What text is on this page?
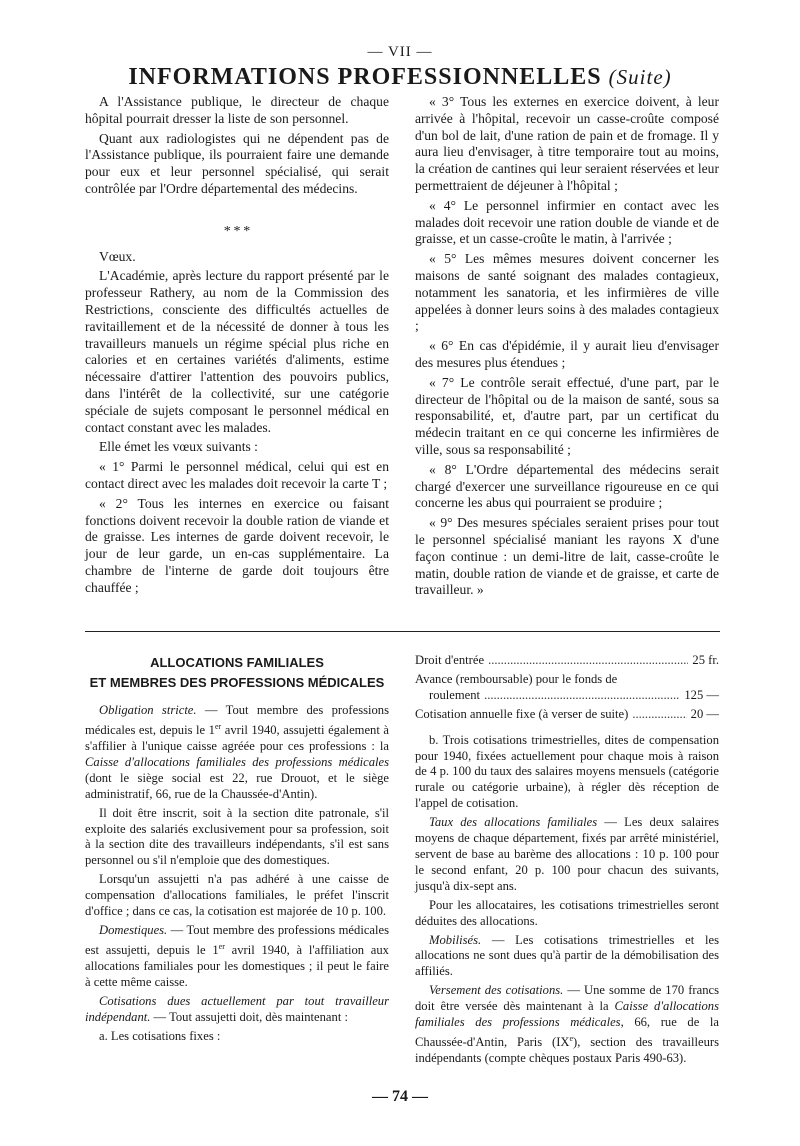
— VII —
INFORMATIONS PROFESSIONNELLES (Suite)

A l'Assistance publique, le directeur de chaque hôpital pourrait dresser la liste de son personnel.

Quant aux radiologistes qui ne dépendent pas de l'Assistance publique, ils pourraient faire une demande pour eux et leur personnel spécialisé, qui serait contrôlée par l'Ordre départemental des médecins.

* * *

Vœux.

L'Académie, après lecture du rapport présenté par le professeur Rathery, au nom de la Commission des Restrictions, consciente des difficultés actuelles de ravitaillement et de la nécessité de donner à tous les travailleurs manuels un régime spécial plus riche en calories et en certaines variétés d'aliments, estime nécessaire d'attirer l'attention des pouvoirs publics, dans l'intérêt de la collectivité, sur une catégorie spéciale de sujets composant le personnel médical en contact constant avec les malades.

Elle émet les vœux suivants :

« 1° Parmi le personnel médical, celui qui est en contact direct avec les malades doit recevoir la carte T ;

« 2° Tous les internes en exercice ou faisant fonctions doivent recevoir la double ration de viande et de graisse. Les internes de garde doivent recevoir, le jour de leur garde, un en-cas supplémentaire. La chambre de l'interne de garde doit toujours être chauffée ;

« 3° Tous les externes en exercice doivent, à leur arrivée à l'hôpital, recevoir un casse-croûte composé d'un bol de lait, d'une ration de pain et de fromage. Il y aura lieu d'envisager, à titre temporaire tout au moins, la création de cantines qui leur seraient réservées et leur permettraient de déjeuner à l'hôpital ;

« 4° Le personnel infirmier en contact avec les malades doit recevoir une ration double de viande et de graisse, et un casse-croûte le matin, à l'arrivée ;

« 5° Les mêmes mesures doivent concerner les maisons de santé soignant des malades contagieux, notamment les sanatoria, et les infirmières de ville appelées à donner leurs soins à des malades contagieux ;

« 6° En cas d'épidémie, il y aurait lieu d'envisager des mesures plus étendues ;

« 7° Le contrôle serait effectué, d'une part, par le directeur de l'hôpital ou de la maison de santé, sous sa responsabilité, et, d'autre part, par un certificat du médecin traitant en ce qui concerne les infirmières de ville, sous sa responsabilité ;

« 8° L'Ordre départemental des médecins serait chargé d'exercer une surveillance rigoureuse en ce qui concerne les abus qui pourraient se produire ;

« 9° Des mesures spéciales seraient prises pour tout le personnel spécialisé maniant les rayons X d'une façon continue : un demi-litre de lait, casse-croûte le matin, double ration de viande et de graisse, et carte de travailleur. »

ALLOCATIONS FAMILIALES
ET MEMBRES DES PROFESSIONS MÉDICALES

Obligation stricte. — Tout membre des professions médicales est, depuis le 1er avril 1940, assujetti également à s'affilier à l'unique caisse agréée pour ces professions : la Caisse d'allocations familiales des professions médicales (dont le siège social est 22, rue Drouot, et le siège administratif, 66, rue de la Chaussée-d'Antin).

Il doit être inscrit, soit à la section dite patronale, s'il exploite des salariés exclusivement pour sa profession, soit à la section dite des travailleurs indépendants, s'il est sans personnel ou s'il n'emploie que des domestiques.

Lorsqu'un assujetti n'a pas adhéré à une caisse de compensation d'allocations familiales, le préfet l'inscrit d'office ; dans ce cas, la cotisation est majorée de 10 p. 100.

Domestiques. — Tout membre des professions médicales est assujetti, depuis le 1er avril 1940, à l'affiliation aux allocations familiales pour les domestiques ; il peut le faire à cette même caisse.

Cotisations dues actuellement par tout travailleur indépendant. — Tout assujetti doit, dès maintenant :

a. Les cotisations fixes :

Droit d'entrée .....	25 fr.
Avance (remboursable) pour le fonds de
roulement .....	125 —
Cotisation annuelle fixe (à verser de suite) .....	20 —

b. Trois cotisations trimestrielles, dites de compensation pour 1940, fixées actuellement pour chaque mois à raison de 4 p. 100 du taux des salaires moyens mensuels (catégorie rurale ou catégorie urbaine), à régler dès réception de l'appel de cotisation.

Taux des allocations familiales — Les deux salaires moyens de chaque département, fixés par arrêté ministériel, servent de base au barème des allocations : 10 p. 100 pour le second enfant, 20 p. 100 pour chacun des suivants, jusqu'à dix-sept ans.

Pour les allocataires, les cotisations trimestrielles seront déduites des allocations.

Mobilisés. — Les cotisations trimestrielles et les allocations ne sont dues qu'à partir de la démobilisation des affiliés.

Versement des cotisations. — Une somme de 170 francs doit être versée dès maintenant à la Caisse d'allocations familiales des professions médicales, 66, rue de la Chaussée-d'Antin, Paris (IXe), section des travailleurs indépendants (compte chèques postaux Paris 490-63).

— 74 —
